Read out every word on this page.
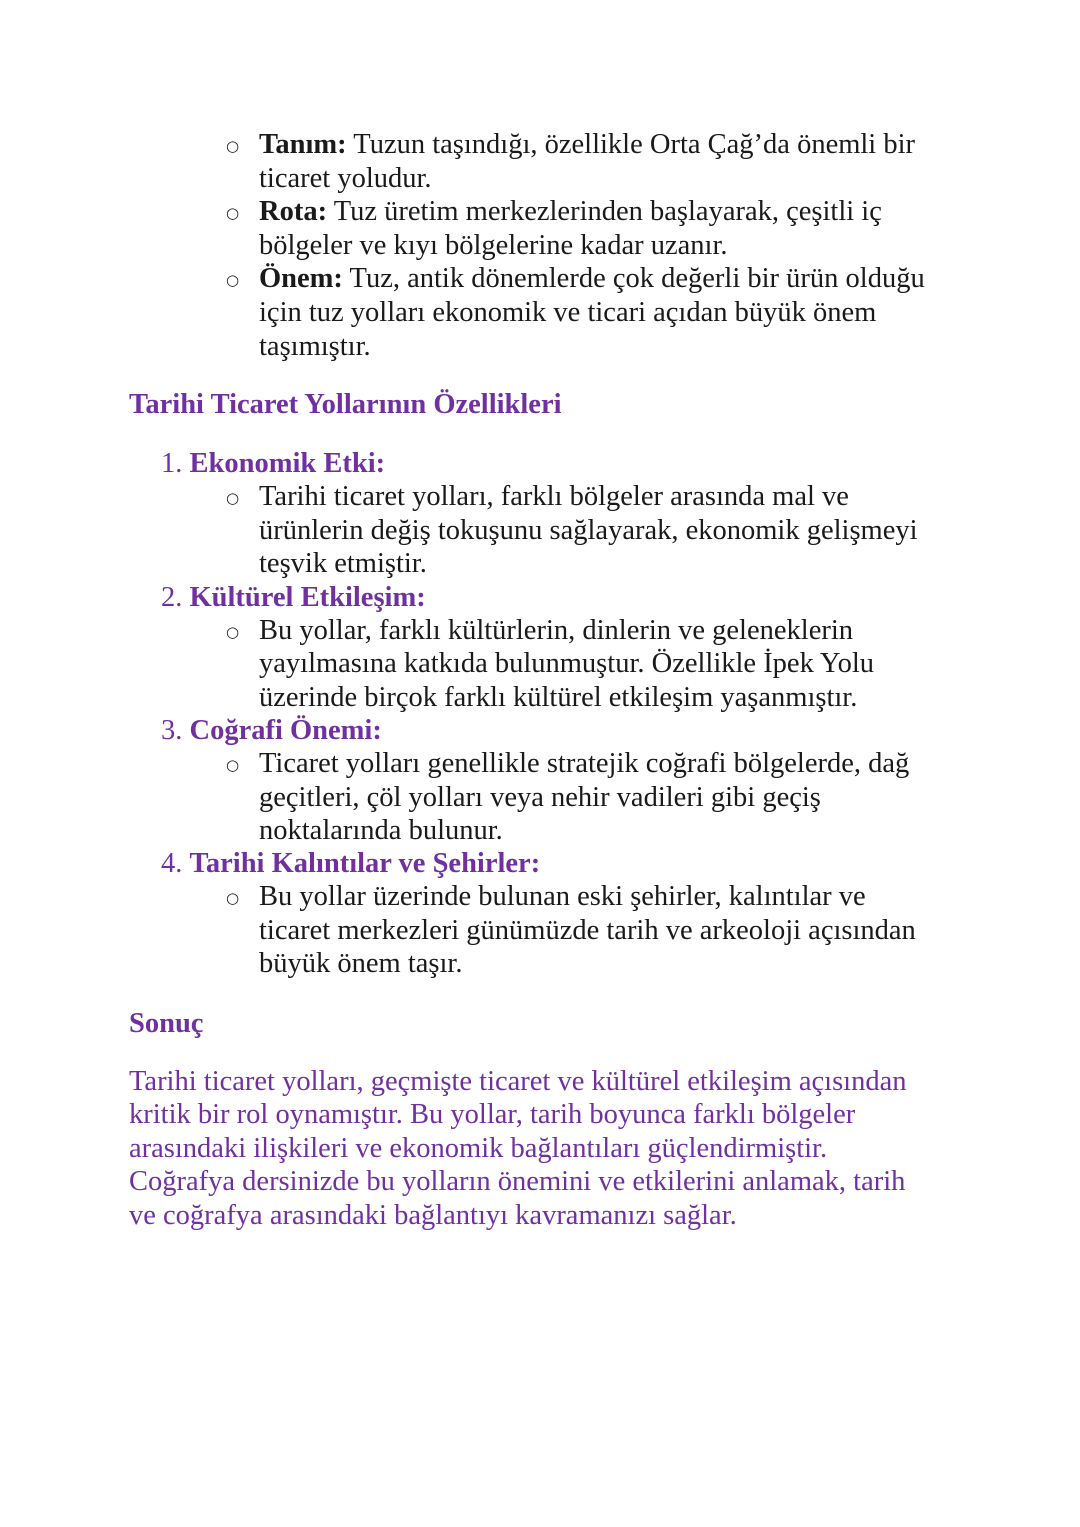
○ Tanım: Tuzun taşındığı, özellikle Orta Çağ’da önemli bir

ticaret yoludur.

○ Rota: Tuz üretim merkezlerinden başlayarak, çeşitli iç

bölgeler ve kıyı bölgelerine kadar uzanır.

○ Önem: Tuz, antik dönemlerde çok değerli bir ürün olduğu

için tuz yolları ekonomik ve ticari açıdan büyük önem

taşımıştır.

Tarihi Ticaret Yollarının Özellikleri
1. Ekonomik Etki:
○ Tarihi ticaret yolları, farklı bölgeler arasında mal ve

ürünlerin değiş tokuşunu sağlayarak, ekonomik gelişmeyi

teşvik etmiştir.

2. Kültürel Etkileşim:
○ Bu yollar, farklı kültürlerin, dinlerin ve geleneklerin

yayılmasına katkıda bulunmuştur. Özellikle İpek Yolu

üzerinde birçok farklı kültürel etkileşim yaşanmıştır.

3. Coğrafi Önemi:
○ Ticaret yolları genellikle stratejik coğrafi bölgelerde, dağ

geçitleri, çöl yolları veya nehir vadileri gibi geçiş

noktalarında bulunur.

4. Tarihi Kalıntılar ve Şehirler:
○ Bu yollar üzerinde bulunan eski şehirler, kalıntılar ve

ticaret merkezleri günümüzde tarih ve arkeoloji açısından

büyük önem taşır.

Sonuç

Tarihi ticaret yolları, geçmişte ticaret ve kültürel etkileşim açısından

kritik bir rol oynamıştır. Bu yollar, tarih boyunca farklı bölgeler

arasındaki ilişkileri ve ekonomik bağlantıları güçlendirmiştir.

Coğrafya dersinizde bu yolların önemini ve etkilerini anlamak, tarih

ve coğrafya arasındaki bağlantıyı kavramanızı sağlar.
